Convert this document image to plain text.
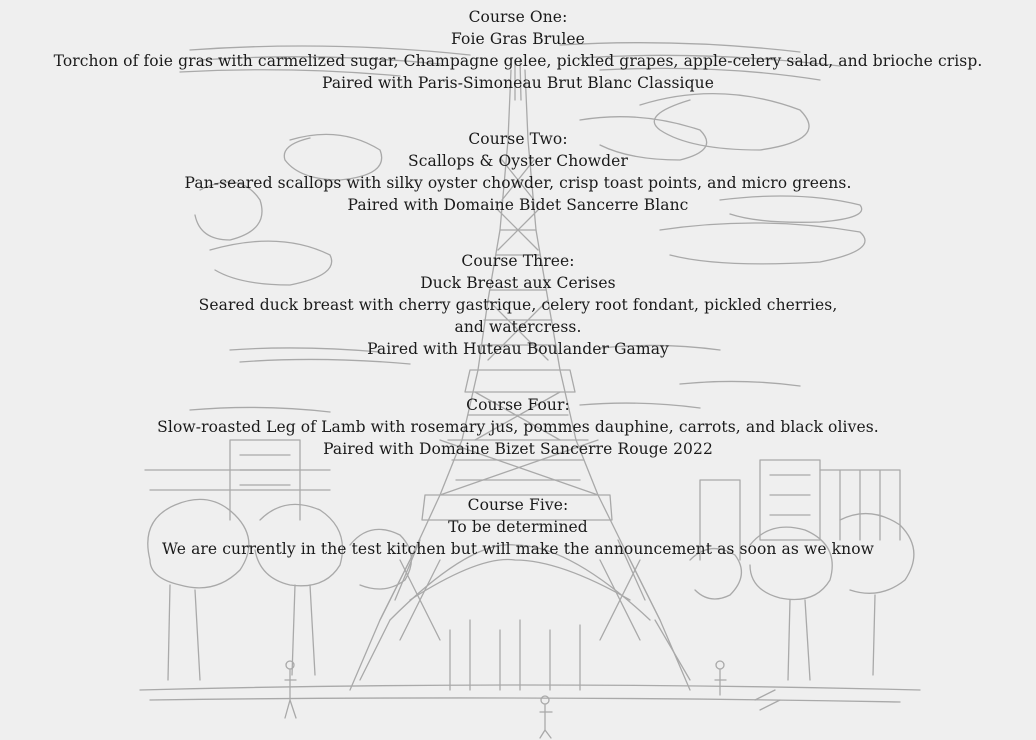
Course One:
Foie Gras Brulee
Torchon of foie gras with carmelized sugar, Champagne gelee, pickled grapes, apple-celery salad, and brioche crisp.
Paired with Paris-Simoneau Brut Blanc Classique
Course Two:
Scallops & Oyster Chowder
Pan-seared scallops with silky oyster chowder, crisp toast points, and micro greens.
Paired with Domaine Bidet Sancerre Blanc
Course Three:
Duck Breast aux Cerises
Seared duck breast with cherry gastrique, celery root fondant, pickled cherries,
and watercress.
Paired with Huteau Boulander Gamay
Course Four:
Slow-roasted Leg of Lamb with rosemary jus, pommes dauphine, carrots, and black olives.
Paired with Domaine Bizet Sancerre Rouge 2022
Course Five:
To be determined
We are currently in the test kitchen but will make the announcement as soon as we know
